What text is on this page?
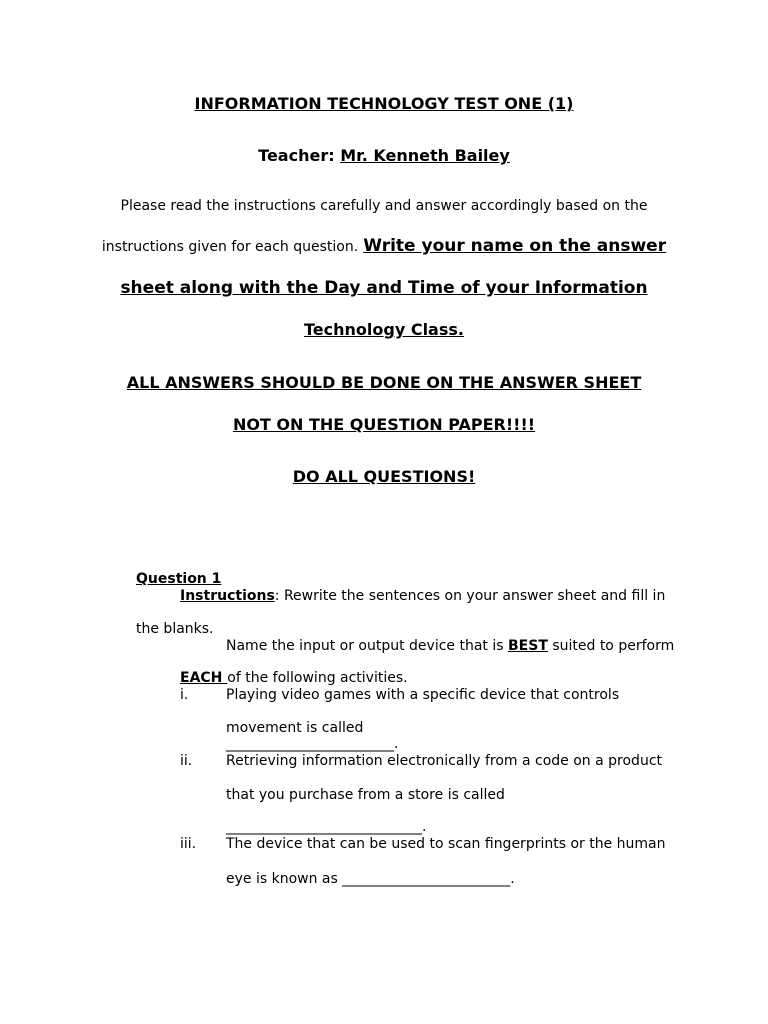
INFORMATION TECHNOLOGY TEST ONE (1)

Teacher: Mr. Kenneth Bailey

Please read the instructions carefully and answer accordingly based on the

instructions given for each question. Write your name on the answer

sheet along with the Day and Time of your Information

Technology Class.

ALL ANSWERS SHOULD BE DONE ON THE ANSWER SHEET

NOT ON THE QUESTION PAPER!!!!

DO ALL QUESTIONS!

Question 1

Instructions: Rewrite the sentences on your answer sheet and fill in

the blanks.

Name the input or output device that is BEST suited to perform

EACH of the following activities.

i.	Playing video games with a specific device that controls

movement is called

________________________.

ii. Retrieving information electronically from a code on a product

that you purchase from a store is called

____________________________.

iii. The device that can be used to scan fingerprints or the human

eye is known as ________________________.
